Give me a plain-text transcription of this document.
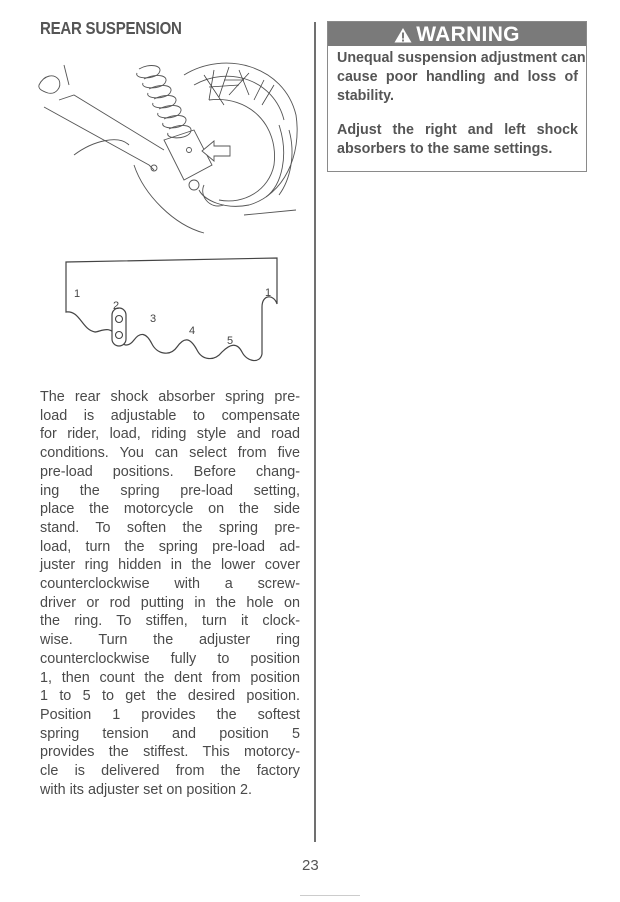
REAR SUSPENSION
1
2
3
4
5
1
The rear shock absorber spring pre-
load is adjustable to compensate
for rider, load, riding style and road
conditions. You can select from five
pre-load positions. Before chang-
ing the spring pre-load setting,
place the motorcycle on the side
stand. To soften the spring pre-
load, turn the spring pre-load ad-
juster ring hidden in the lower cover
counterclockwise with a screw-
driver or rod putting in the hole on
the ring. To stiffen, turn it clock-
wise. Turn the adjuster ring
counterclockwise fully to position
1, then count the dent from position
1 to 5 to get the desired position.
Position 1 provides the softest
spring tension and position 5
provides the stiffest. This motorcy-
cle is delivered from the factory
with its adjuster set on position 2.
WARNING
Unequal suspension adjustment can
cause poor handling and loss of
stability.
Adjust the right and left shock
absorbers to the same settings.
23
